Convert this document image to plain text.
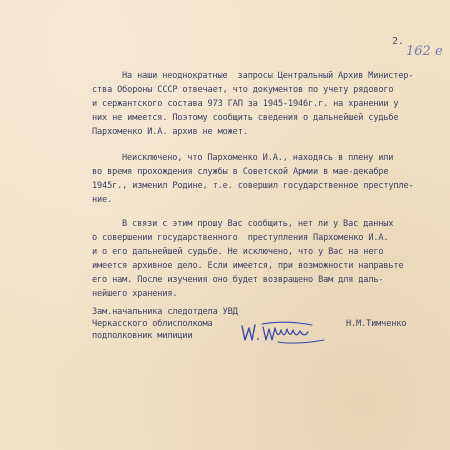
2.
162 e

На наши неоднократные  запросы Центральный Архив Министер-

ства Обороны СССР отвечает, что документов по учету рядового

и сержантского состава 973 ГАП за 1945-1946г.г. на хранении у

них не имеется. Поэтому сообщить сведения о дальнейшей судьбе

Пархоменко И.А. архив не может.

Неисключено, что Пархоменко И.А., находясь в плену или

во время прохождения службы в Советской Армии в мае-декабре

1945г., изменил Родине, т.е. совершил государственное преступле-

ние.

В связи с этим прошу Вас сообщить, нет ли у Вас данных

о совершении государственного  преступления Пархоменко И.А.

и о его дальнейшей судьбе. Не исключено, что у Вас на него

имеется архивное дело. Если имеется, при возможности направьте

его нам. После изучения оно будет возвращено Вам для даль-

нейшего хранения.

Зам.начальника следотдела УВД

Черкасского облисполкома

подполковник милиции

Н.М.Тимченко
